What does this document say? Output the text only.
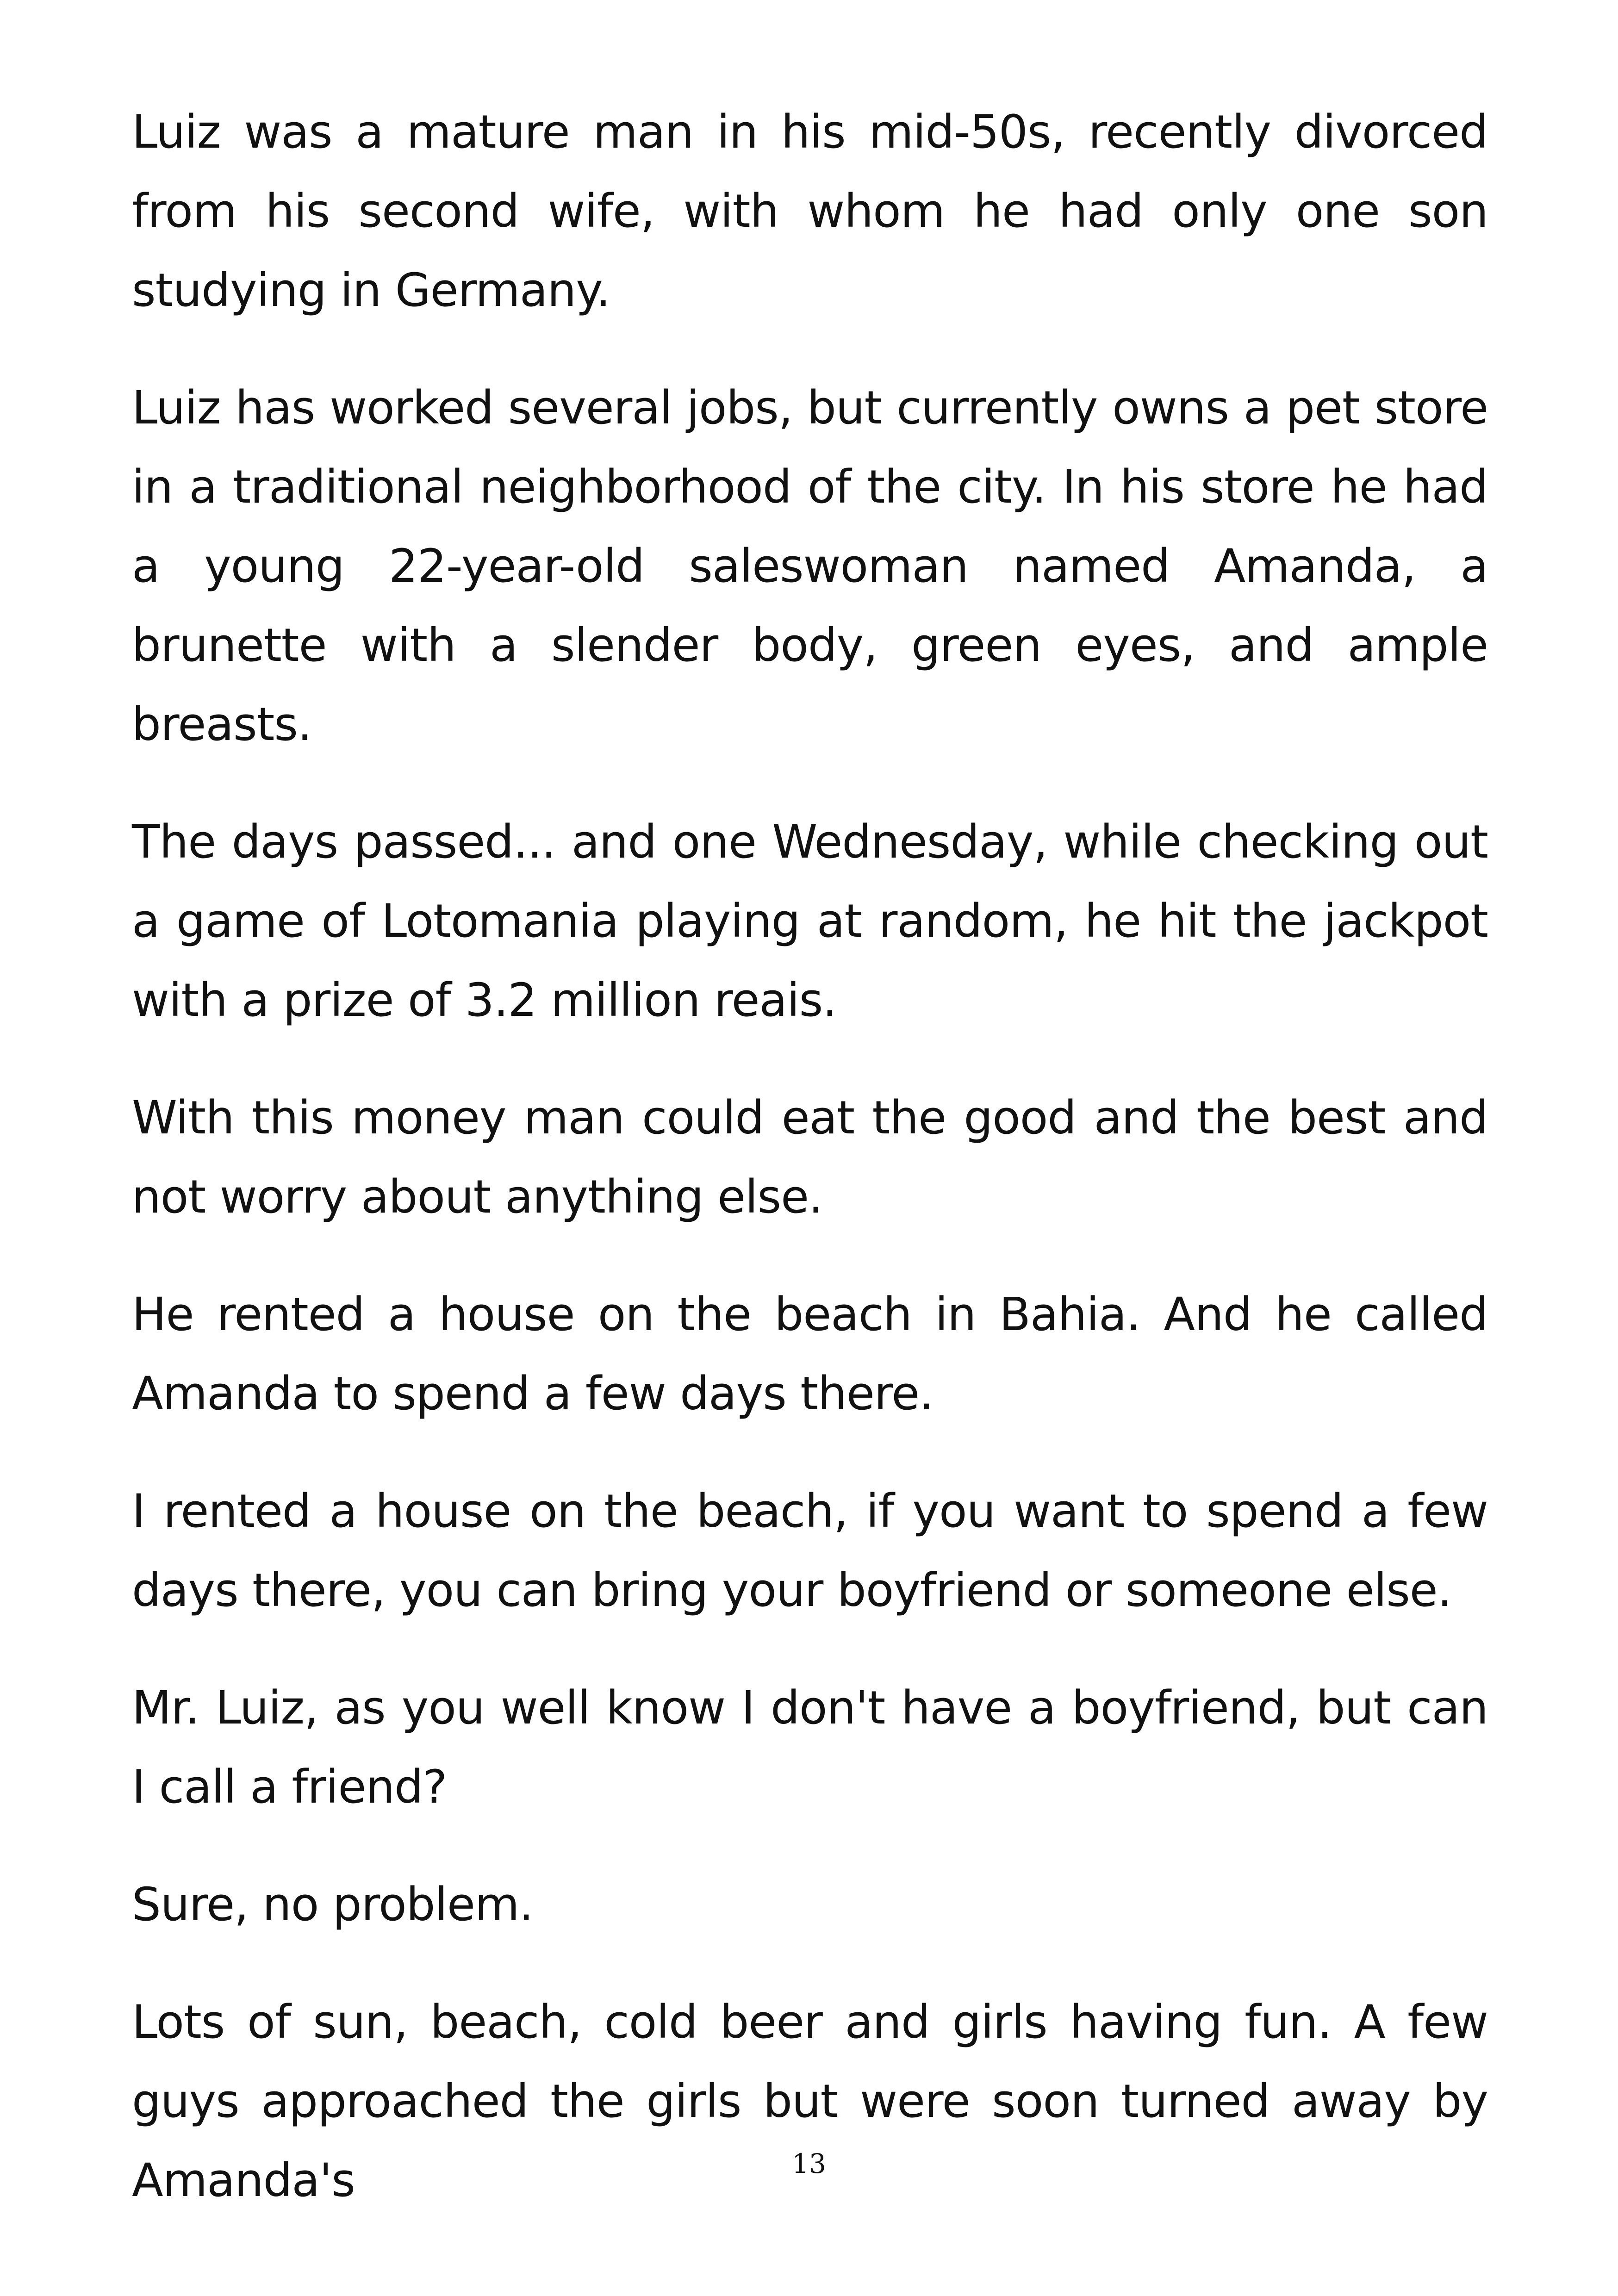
Luiz was a mature man in his mid-50s, recently divorced from his second wife, with whom he had only one son studying in Germany.

Luiz has worked several jobs, but currently owns a pet store in a traditional neighborhood of the city. In his store he had a young 22-year-old saleswoman named Amanda, a brunette with a slender body, green eyes, and ample breasts.

The days passed... and one Wednesday, while checking out a game of Lotomania playing at random, he hit the jackpot with a prize of 3.2 million reais.

With this money man could eat the good and the best and not worry about anything else.

He rented a house on the beach in Bahia. And he called Amanda to spend a few days there.

I rented a house on the beach, if you want to spend a few days there, you can bring your boyfriend or someone else.

Mr. Luiz, as you well know I don't have a boyfriend, but can I call a friend?

Sure, no problem.

Lots of sun, beach, cold beer and girls having fun. A few guys approached the girls but were soon turned away by Amanda's	13
